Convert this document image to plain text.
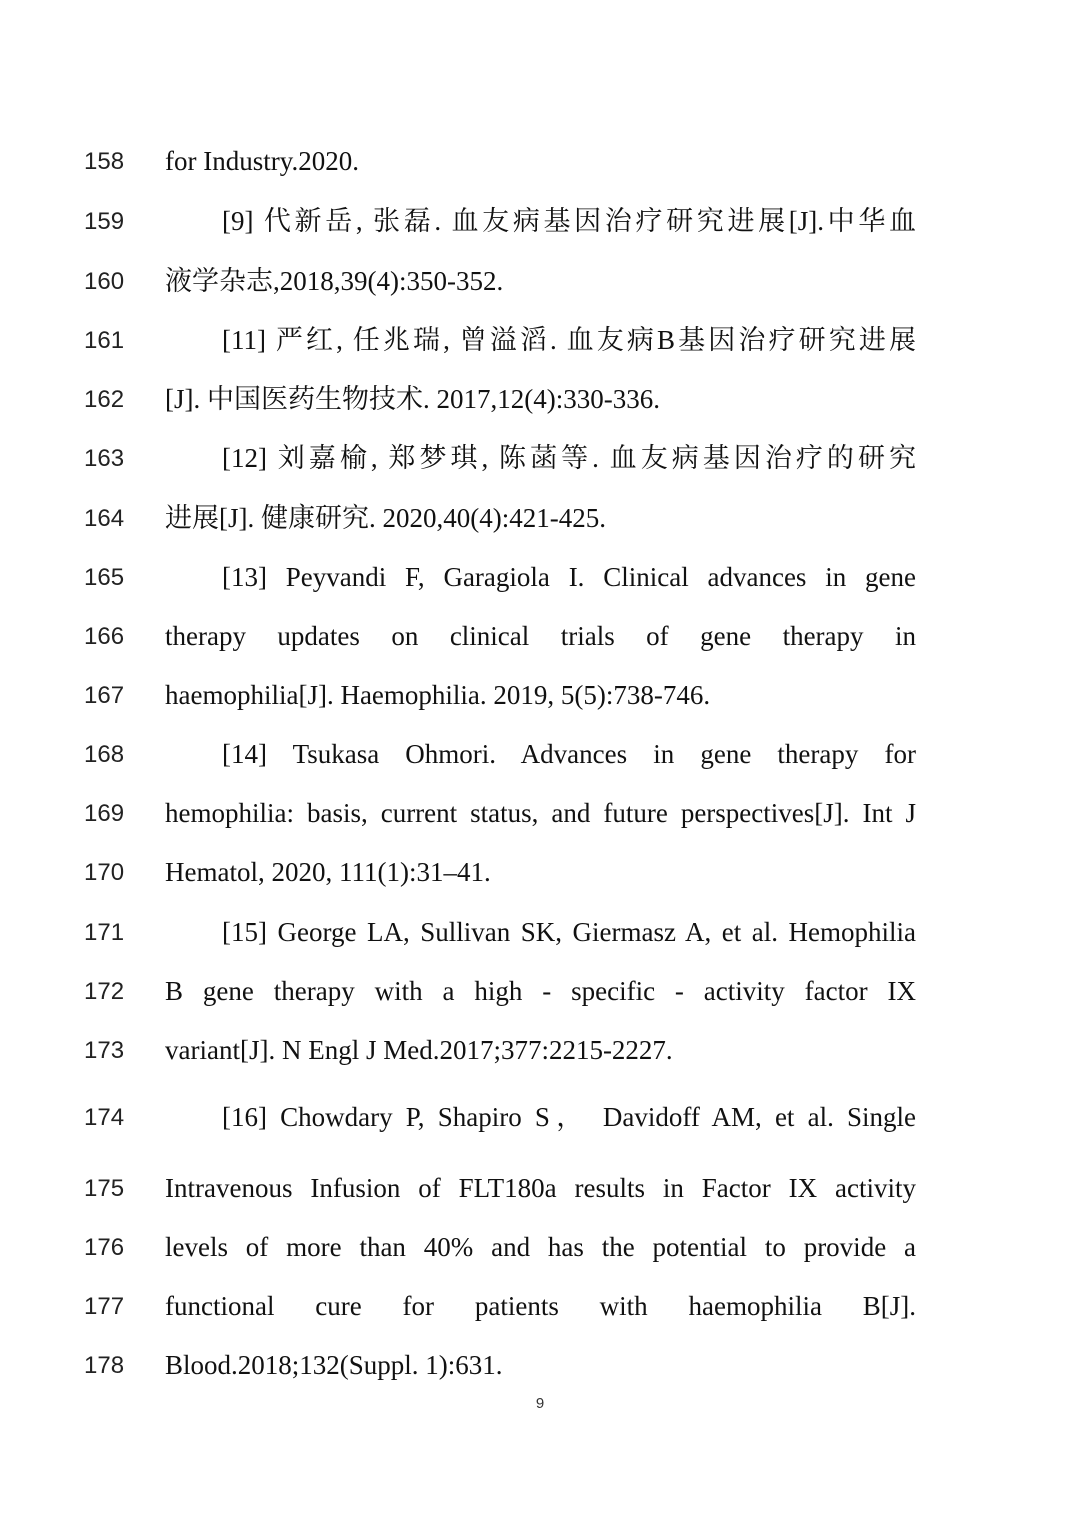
158 for Industry.2020.
159	[9] 代新岳, 张磊. 血友病基因治疗研究进展[J].中华血
160 液学杂志,2018,39(4):350-352.
161	[11] 严红, 任兆瑞, 曾溢滔. 血友病B基因治疗研究进展
162 [J]. 中国医药生物技术. 2017,12(4):330-336.
163	[12] 刘嘉榆, 郑梦琪, 陈菡等. 血友病基因治疗的研究
164 进展[J]. 健康研究. 2020,40(4):421-425.
165	[13] Peyvandi F, Garagiola I. Clinical advances in gene
166 therapy updates on clinical trials of gene therapy in
167 haemophilia[J]. Haemophilia. 2019, 5(5):738-746.
168	[14] Tsukasa Ohmori. Advances in gene therapy for
169 hemophilia: basis, current status, and future perspectives[J]. Int J
170 Hematol, 2020, 111(1):31–41.
171	[15] George LA, Sullivan SK, Giermasz A, et al. Hemophilia
172 B gene therapy with a high - specific - activity factor IX
173 variant[J]. N Engl J Med.2017;377:2215-2227.
174	[16] Chowdary P, Shapiro S， Davidoff AM, et al. Single
175 Intravenous Infusion of FLT180a results in Factor IX activity
176 levels of more than 40% and has the potential to provide a
177 functional cure for patients with haemophilia B[J].
178 Blood.2018;132(Suppl. 1):631.
9
